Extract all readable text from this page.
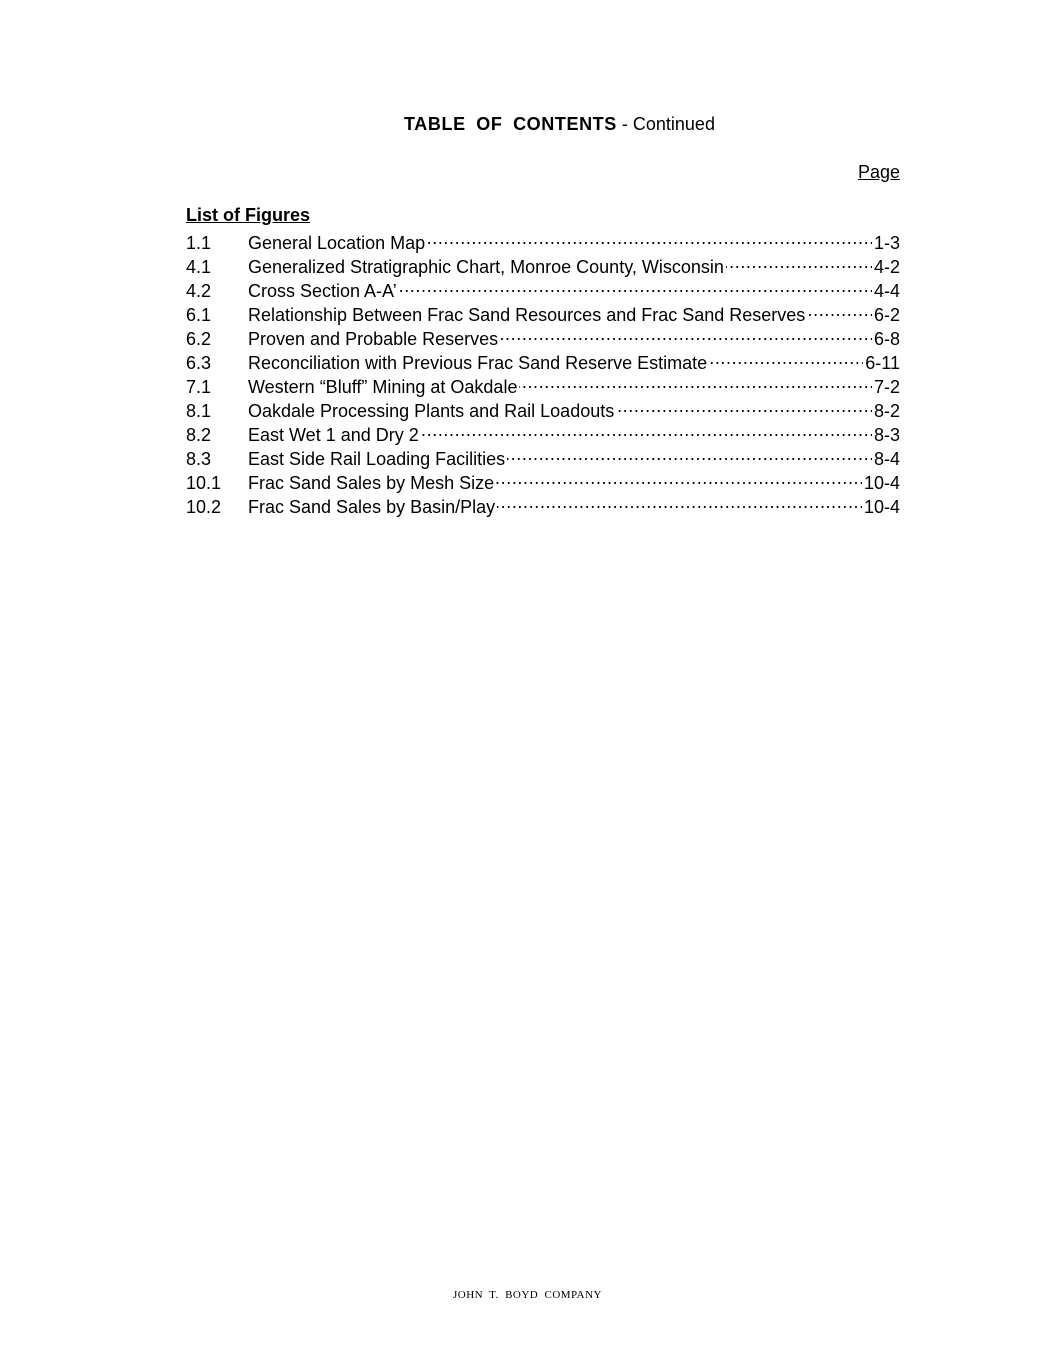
TABLE OF CONTENTS - Continued
Page
List of Figures
1.1	General Location Map . . .	1-3
4.1	Generalized Stratigraphic Chart, Monroe County, Wisconsin . . .	4-2
4.2	Cross Section A-A’ . . .	4-4
6.1	Relationship Between Frac Sand Resources and Frac Sand Reserves . . .	6-2
6.2	Proven and Probable Reserves . . .	6-8
6.3	Reconciliation with Previous Frac Sand Reserve Estimate . . .	6-11
7.1	Western “Bluff” Mining at Oakdale . . .	7-2
8.1	Oakdale Processing Plants and Rail Loadouts . . .	8-2
8.2	East Wet 1 and Dry 2 . . .	8-3
8.3	East Side Rail Loading Facilities . . .	8-4
10.1	Frac Sand Sales by Mesh Size . . .	10-4
10.2	Frac Sand Sales by Basin/Play . . .	10-4
JOHN T. BOYD COMPANY
